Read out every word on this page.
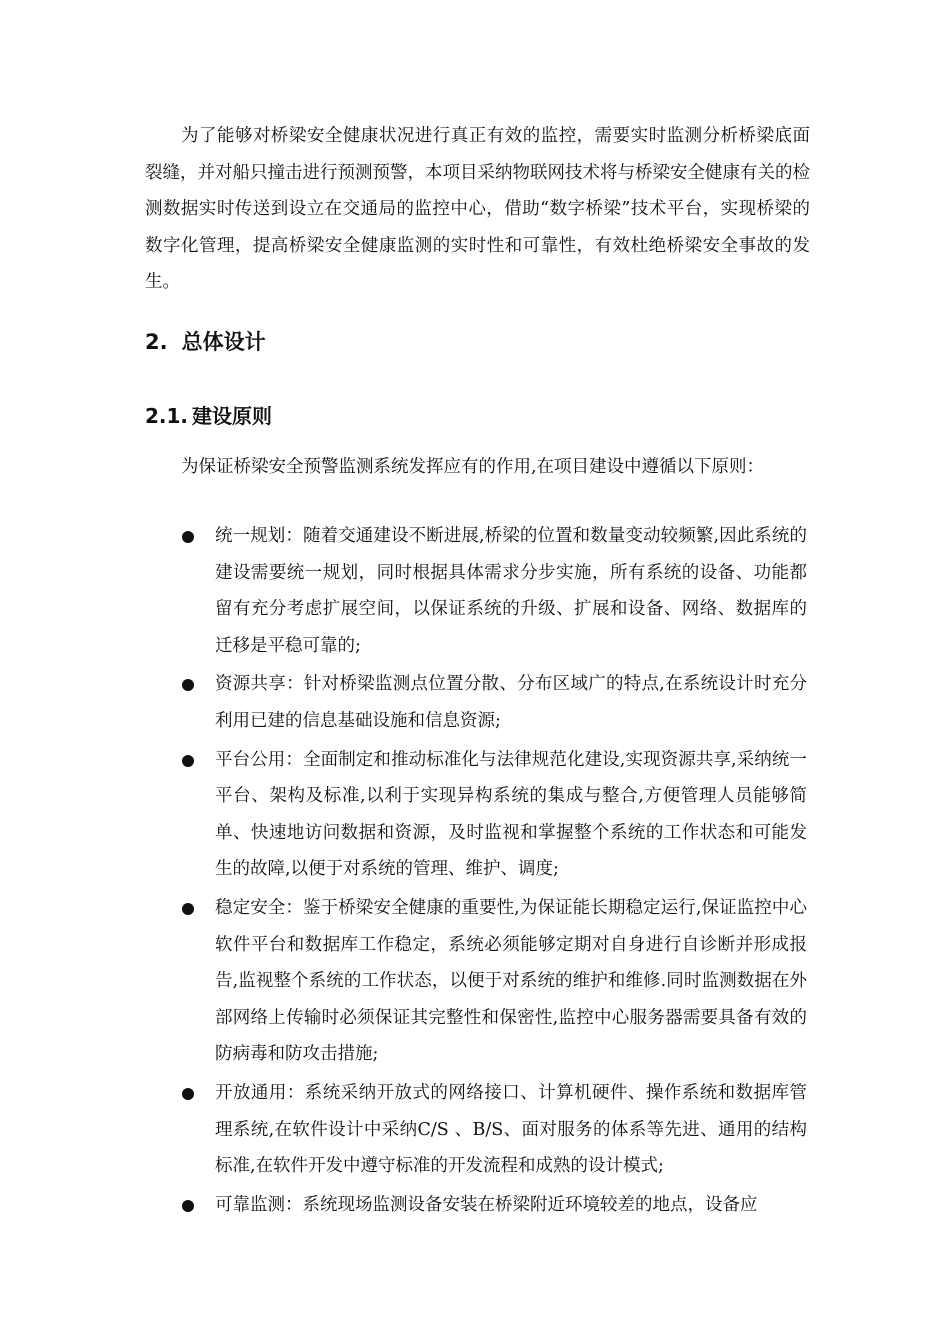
为了能够对桥梁安全健康状况进行真正有效的监控，需要实时监测分析桥梁底面裂缝，并对船只撞击进行预测预警，本项目采纳物联网技术将与桥梁安全健康有关的检测数据实时传送到设立在交通局的监控中心，借助“数字桥梁”技术平台，实现桥梁的数字化管理，提高桥梁安全健康监测的实时性和可靠性，有效杜绝桥梁安全事故的发生。

2. 总体设计
2.1. 建设原则

为保证桥梁安全预警监测系统发挥应有的作用,在项目建设中遵循以下原则：

统一规划：随着交通建设不断进展,桥梁的位置和数量变动较频繁,因此系统的建设需要统一规划，同时根据具体需求分步实施，所有系统的设备、功能都留有充分考虑扩展空间，以保证系统的升级、扩展和设备、网络、数据库的迁移是平稳可靠的;
资源共享：针对桥梁监测点位置分散、分布区域广的特点,在系统设计时充分利用已建的信息基础设施和信息资源;
平台公用：全面制定和推动标准化与法律规范化建设,实现资源共享,采纳统一平台、架构及标准,以利于实现异构系统的集成与整合,方便管理人员能够简单、快速地访问数据和资源，及时监视和掌握整个系统的工作状态和可能发生的故障,以便于对系统的管理、维护、调度;
稳定安全：鉴于桥梁安全健康的重要性,为保证能长期稳定运行,保证监控中心软件平台和数据库工作稳定，系统必须能够定期对自身进行自诊断并形成报告,监视整个系统的工作状态，以便于对系统的维护和维修.同时监测数据在外部网络上传输时必须保证其完整性和保密性,监控中心服务器需要具备有效的防病毒和防攻击措施;
开放通用：系统采纳开放式的网络接口、计算机硬件、操作系统和数据库管理系统,在软件设计中采纳C/S 、B/S、面对服务的体系等先进、通用的结构标准,在软件开发中遵守标准的开发流程和成熟的设计模式;
可靠监测：系统现场监测设备安装在桥梁附近环境较差的地点，设备应
